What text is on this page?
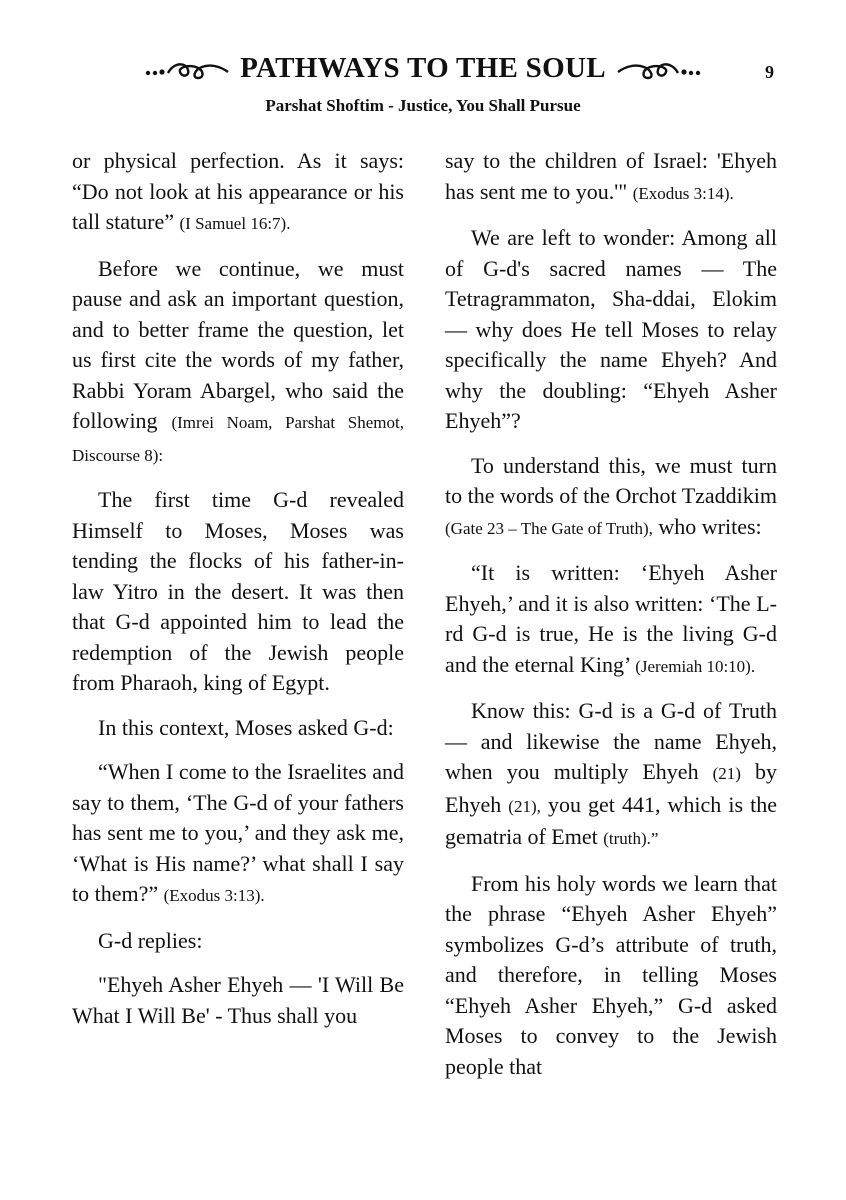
PATHWAYS TO THE SOUL	9
Parshat Shoftim - Justice, You Shall Pursue

or physical perfection. As it says: “Do not look at his appearance or his tall stature” (I Samuel 16:7).

Before we continue, we must pause and ask an important question, and to better frame the question, let us first cite the words of my father, Rabbi Yoram Abargel, who said the following (Imrei Noam, Parshat Shemot, Discourse 8):

The first time G-d revealed Himself to Moses, Moses was tending the flocks of his father-in-law Yitro in the desert. It was then that G-d appointed him to lead the redemption of the Jewish people from Pharaoh, king of Egypt.

In this context, Moses asked G-d:

“When I come to the Israelites and say to them, ‘The G-d of your fathers has sent me to you,’ and they ask me, ‘What is His name?’ what shall I say to them?” (Exodus 3:13).

G-d replies:

"Ehyeh Asher Ehyeh — 'I Will Be What I Will Be' - Thus shall you

say to the children of Israel: 'Ehyeh has sent me to you.'" (Exodus 3:14).

We are left to wonder: Among all of G-d's sacred names — The Tetragrammaton, Sha-ddai, Elokim — why does He tell Moses to relay specifically the name Ehyeh? And why the doubling: “Ehyeh Asher Ehyeh”?

To understand this, we must turn to the words of the Orchot Tzaddikim (Gate 23 – The Gate of Truth), who writes:

“It is written: ‘Ehyeh Asher Ehyeh,’ and it is also written: ‘The L-rd G-d is true, He is the living G-d and the eternal King’ (Jeremiah 10:10).

Know this: G-d is a G-d of Truth — and likewise the name Ehyeh, when you multiply Ehyeh (21) by Ehyeh (21), you get 441, which is the gematria of Emet (truth).”

From his holy words we learn that the phrase “Ehyeh Asher Ehyeh” symbolizes G-d’s attribute of truth, and therefore, in telling Moses “Ehyeh Asher Ehyeh,” G-d asked Moses to convey to the Jewish people that
